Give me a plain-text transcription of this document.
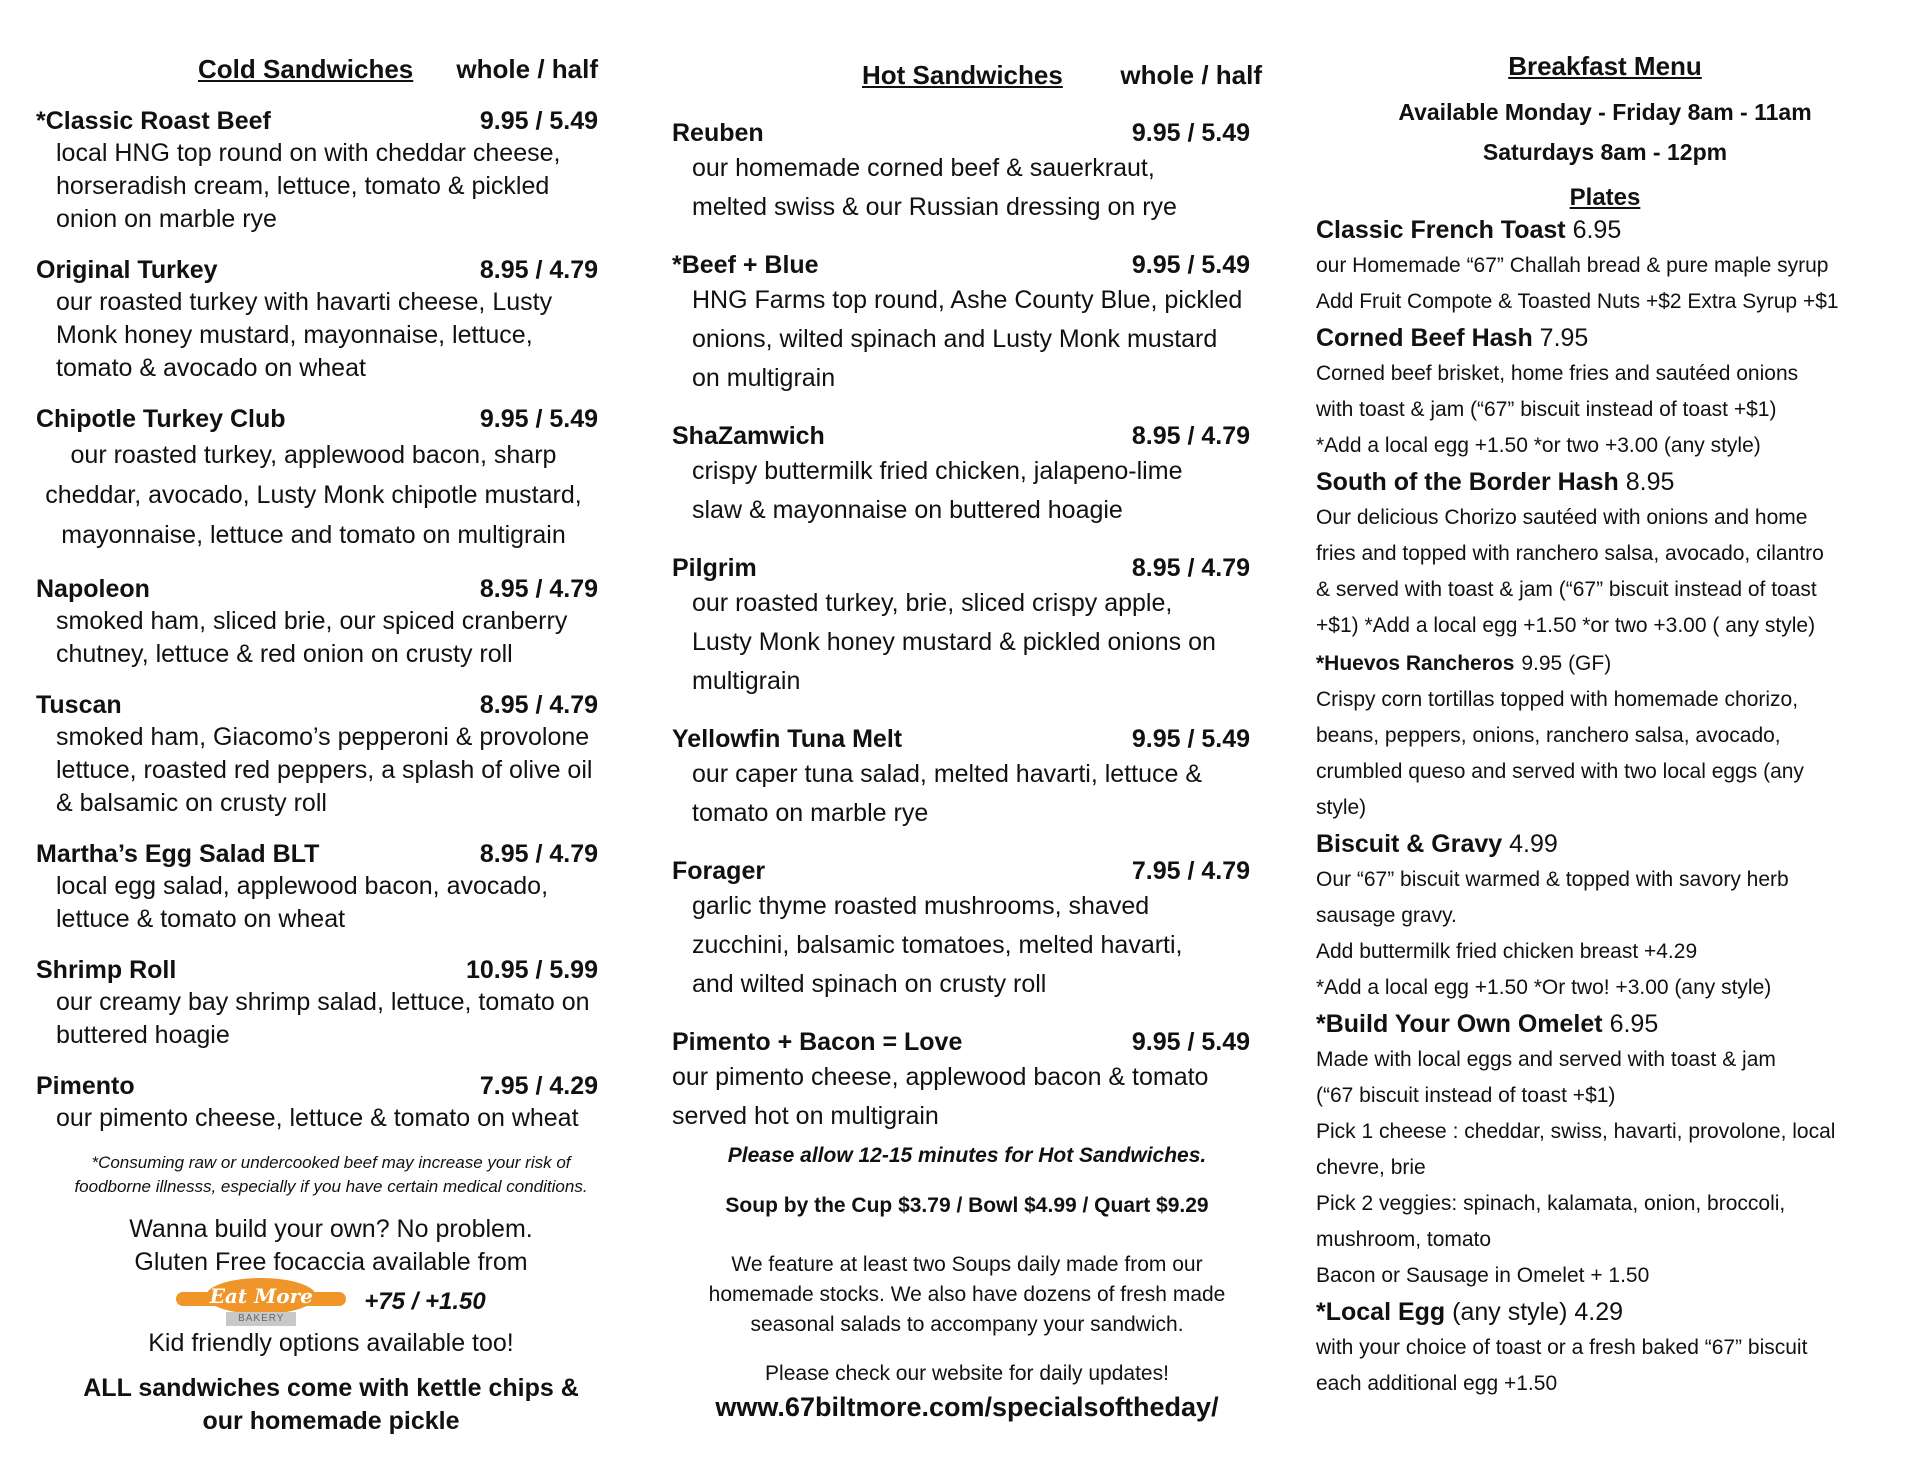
Cold Sandwiches whole / half
*Classic Roast Beef	9.95 / 5.49
local HNG top round on with cheddar cheese,
horseradish cream, lettuce, tomato & pickled
onion on marble rye
Original Turkey	8.95 / 4.79
our roasted turkey with havarti cheese, Lusty
Monk honey mustard, mayonnaise, lettuce,
tomato & avocado on wheat
Chipotle Turkey Club	9.95 / 5.49
our roasted turkey, applewood bacon, sharp
cheddar, avocado, Lusty Monk chipotle mustard,
mayonnaise, lettuce and tomato on multigrain
Napoleon	8.95 / 4.79
smoked ham, sliced brie, our spiced cranberry
chutney, lettuce & red onion on crusty roll
Tuscan	8.95 / 4.79
smoked ham, Giacomo’s pepperoni & provolone
lettuce, roasted red peppers, a splash of olive oil
& balsamic on crusty roll
Martha’s Egg Salad BLT	8.95 / 4.79
local egg salad, applewood bacon, avocado,
lettuce & tomato on wheat
Shrimp Roll	10.95 / 5.99
our creamy bay shrimp salad, lettuce, tomato on
buttered hoagie
Pimento	7.95 / 4.29
our pimento cheese, lettuce & tomato on wheat
*Consuming raw or undercooked beef may increase your risk of
foodborne illnesss, especially if you have certain medical conditions.
Wanna build your own? No problem.
Gluten Free focaccia available from
Eat More
BAKERY
+75 / +1.50
Kid friendly options available too!
ALL sandwiches come with kettle chips &
our homemade pickle
Hot Sandwiches whole / half
Reuben	9.95 / 5.49
our homemade corned beef & sauerkraut,
melted swiss & our Russian dressing on rye
*Beef + Blue	9.95 / 5.49
HNG Farms top round, Ashe County Blue, pickled
onions, wilted spinach and Lusty Monk mustard
on multigrain
ShaZamwich	8.95 / 4.79
crispy buttermilk fried chicken, jalapeno-lime
slaw & mayonnaise on buttered hoagie
Pilgrim	8.95 / 4.79
our roasted turkey, brie, sliced crispy apple,
Lusty Monk honey mustard & pickled onions on
multigrain
Yellowfin Tuna Melt	9.95 / 5.49
our caper tuna salad, melted havarti, lettuce &
tomato on marble rye
Forager	7.95 / 4.79
garlic thyme roasted mushrooms, shaved
zucchini, balsamic tomatoes, melted havarti,
and wilted spinach on crusty roll
Pimento + Bacon = Love	9.95 / 5.49
our pimento cheese, applewood bacon & tomato
served hot on multigrain
Please allow 12-15 minutes for Hot Sandwiches.
Soup by the Cup $3.79 / Bowl $4.99 / Quart $9.29
We feature at least two Soups daily made from our
homemade stocks. We also have dozens of fresh made
seasonal salads to accompany your sandwich.
Please check our website for daily updates!
www.67biltmore.com/specialsoftheday/
Breakfast Menu
Available Monday - Friday 8am - 11am
Saturdays 8am - 12pm
Plates
Classic French Toast 6.95
our Homemade “67” Challah bread & pure maple syrup
Add Fruit Compote & Toasted Nuts +$2 Extra Syrup +$1
Corned Beef Hash 7.95
Corned beef brisket, home fries and sautéed onions
with toast & jam (“67” biscuit instead of toast +$1)
*Add a local egg +1.50 *or two +3.00 (any style)
South of the Border Hash 8.95
Our delicious Chorizo sautéed with onions and home
fries and topped with ranchero salsa, avocado, cilantro
& served with toast & jam (“67” biscuit instead of toast
+$1) *Add a local egg +1.50 *or two +3.00 ( any style)
*Huevos Rancheros 9.95 (GF)
Crispy corn tortillas topped with homemade chorizo,
beans, peppers, onions, ranchero salsa, avocado,
crumbled queso and served with two local eggs (any
style)
Biscuit & Gravy 4.99
Our “67” biscuit warmed & topped with savory herb
sausage gravy.
Add buttermilk fried chicken breast +4.29
*Add a local egg +1.50 *Or two! +3.00 (any style)
*Build Your Own Omelet 6.95
Made with local eggs and served with toast & jam
(“67 biscuit instead of toast +$1)
Pick 1 cheese : cheddar, swiss, havarti, provolone, local
chevre, brie
Pick 2 veggies: spinach, kalamata, onion, broccoli,
mushroom, tomato
Bacon or Sausage in Omelet + 1.50
*Local Egg (any style) 4.29
with your choice of toast or a fresh baked “67” biscuit
each additional egg +1.50
